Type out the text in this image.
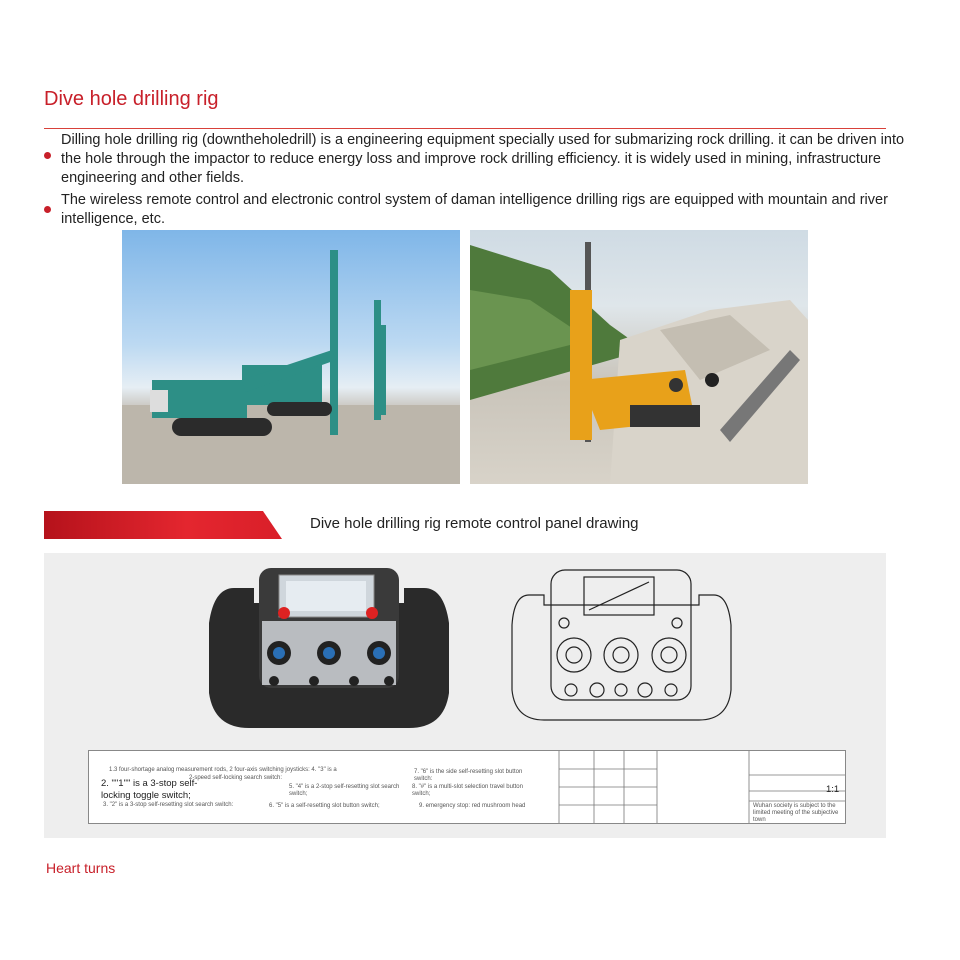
Dive hole drilling rig
Dilling hole drilling rig (downtheholedrill) is a engineering equipment specially used for submarizing rock drilling. it can be driven into the hole through the impactor to reduce energy loss and improve rock drilling efficiency. it is widely used in mining, infrastructure engineering and other fields.
The wireless remote control and electronic control system of daman intelligence drilling rigs are equipped with mountain and river intelligence, etc.
Dive hole drilling rig remote control panel drawing
1.3 four-shortage analog measurement rods, 2 four-axis switching joysticks: 4. "3" is a
2-speed self-locking search switch:
2. ""1"" is a 3-stop self-locking toggle switch;
3. "2" is a 3-stop self-resetting slot search switch:
5. "4" is a 2-stop self-resetting slot search switch;
6. "5" is a self-resetting slot button switch;
7. "6" is the side self-resetting slot button switch:
8. "#" is a multi-slot selection travel button switch;
9. emergency stop: red mushroom head
1:1
Wuhan society is subject to the limited meeting of the subjective town
Heart turns
